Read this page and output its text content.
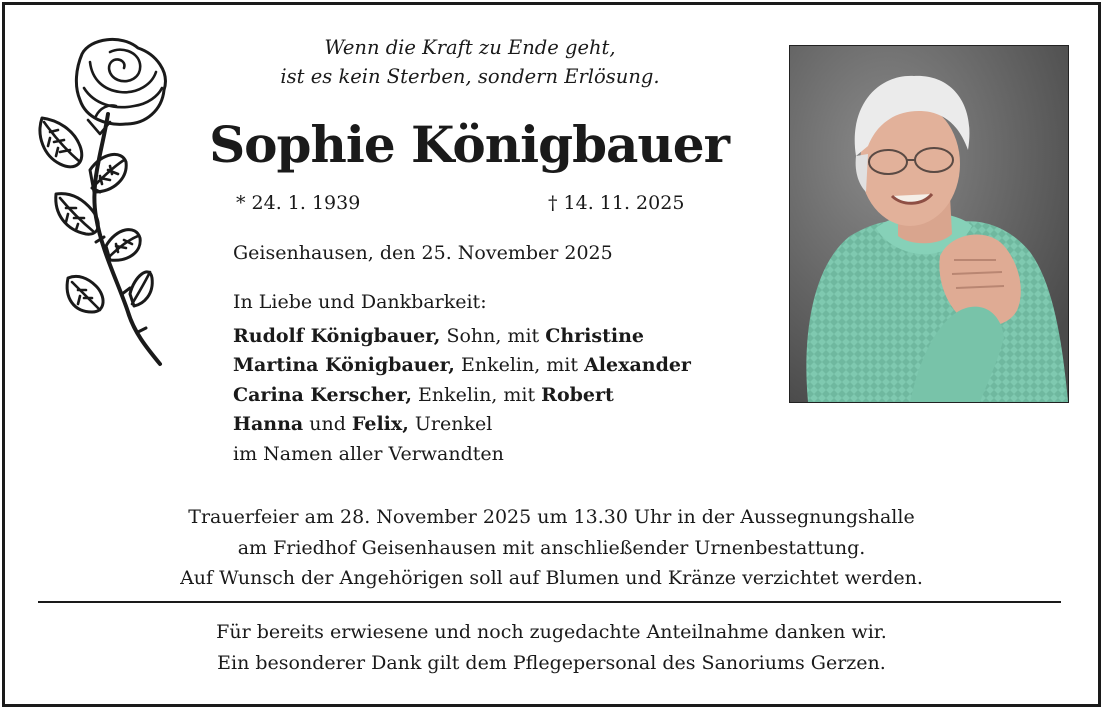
Wenn die Kraft zu Ende geht,
ist es kein Sterben, sondern Erlösung.
Sophie Königbauer
* 24. 1. 1939	† 14. 11. 2025
Geisenhausen, den 25. November 2025
In Liebe und Dankbarkeit:
Rudolf Königbauer, Sohn, mit Christine
Martina Königbauer, Enkelin, mit Alexander
Carina Kerscher, Enkelin, mit Robert
Hanna und Felix, Urenkel
im Namen aller Verwandten
Trauerfeier am 28. November 2025 um 13.30 Uhr in der Aussegnungshalle
am Friedhof Geisenhausen mit anschließender Urnenbestattung.
Auf Wunsch der Angehörigen soll auf Blumen und Kränze verzichtet werden.
Für bereits erwiesene und noch zugedachte Anteilnahme danken wir.
Ein besonderer Dank gilt dem Pflegepersonal des Sanoriums Gerzen.
